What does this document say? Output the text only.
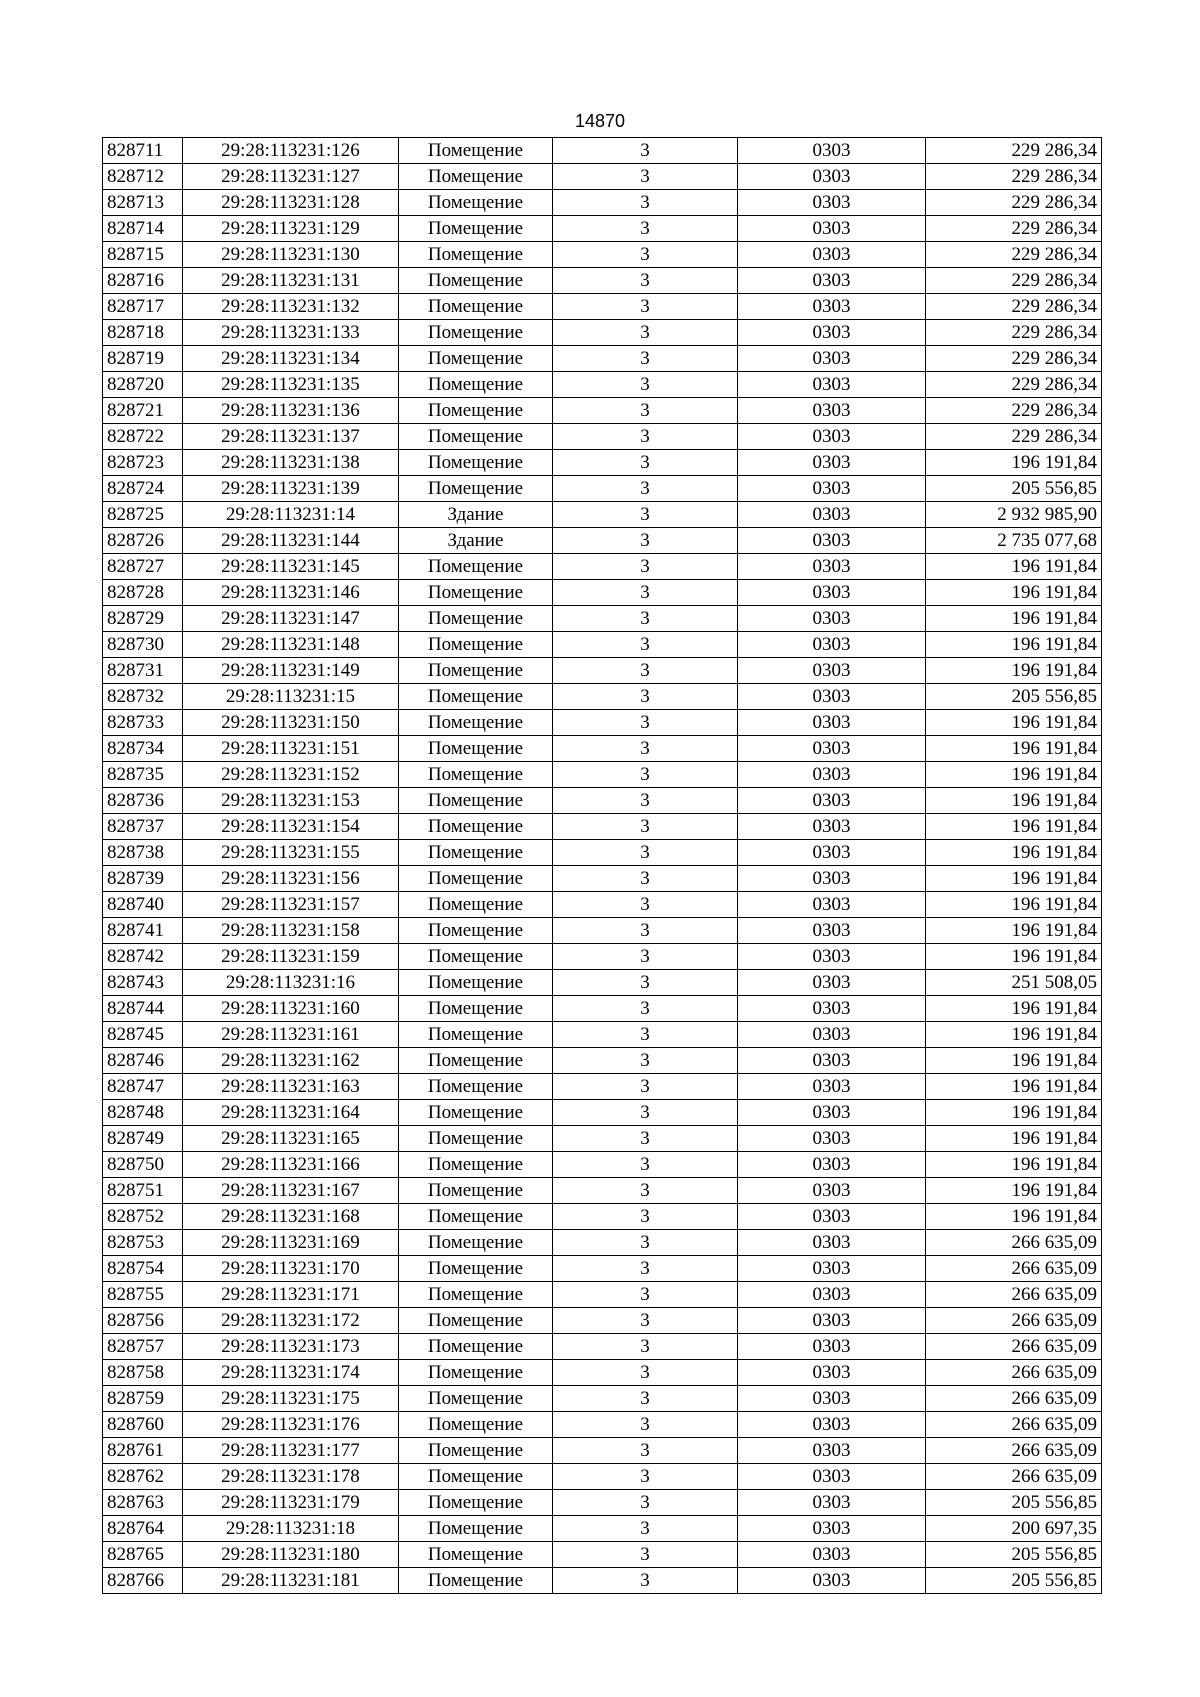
14870
828711	29:28:113231:126	Помещение	3	0303	229 286,34
828712	29:28:113231:127	Помещение	3	0303	229 286,34
828713	29:28:113231:128	Помещение	3	0303	229 286,34
828714	29:28:113231:129	Помещение	3	0303	229 286,34
828715	29:28:113231:130	Помещение	3	0303	229 286,34
828716	29:28:113231:131	Помещение	3	0303	229 286,34
828717	29:28:113231:132	Помещение	3	0303	229 286,34
828718	29:28:113231:133	Помещение	3	0303	229 286,34
828719	29:28:113231:134	Помещение	3	0303	229 286,34
828720	29:28:113231:135	Помещение	3	0303	229 286,34
828721	29:28:113231:136	Помещение	3	0303	229 286,34
828722	29:28:113231:137	Помещение	3	0303	229 286,34
828723	29:28:113231:138	Помещение	3	0303	196 191,84
828724	29:28:113231:139	Помещение	3	0303	205 556,85
828725	29:28:113231:14	Здание	3	0303	2 932 985,90
828726	29:28:113231:144	Здание	3	0303	2 735 077,68
828727	29:28:113231:145	Помещение	3	0303	196 191,84
828728	29:28:113231:146	Помещение	3	0303	196 191,84
828729	29:28:113231:147	Помещение	3	0303	196 191,84
828730	29:28:113231:148	Помещение	3	0303	196 191,84
828731	29:28:113231:149	Помещение	3	0303	196 191,84
828732	29:28:113231:15	Помещение	3	0303	205 556,85
828733	29:28:113231:150	Помещение	3	0303	196 191,84
828734	29:28:113231:151	Помещение	3	0303	196 191,84
828735	29:28:113231:152	Помещение	3	0303	196 191,84
828736	29:28:113231:153	Помещение	3	0303	196 191,84
828737	29:28:113231:154	Помещение	3	0303	196 191,84
828738	29:28:113231:155	Помещение	3	0303	196 191,84
828739	29:28:113231:156	Помещение	3	0303	196 191,84
828740	29:28:113231:157	Помещение	3	0303	196 191,84
828741	29:28:113231:158	Помещение	3	0303	196 191,84
828742	29:28:113231:159	Помещение	3	0303	196 191,84
828743	29:28:113231:16	Помещение	3	0303	251 508,05
828744	29:28:113231:160	Помещение	3	0303	196 191,84
828745	29:28:113231:161	Помещение	3	0303	196 191,84
828746	29:28:113231:162	Помещение	3	0303	196 191,84
828747	29:28:113231:163	Помещение	3	0303	196 191,84
828748	29:28:113231:164	Помещение	3	0303	196 191,84
828749	29:28:113231:165	Помещение	3	0303	196 191,84
828750	29:28:113231:166	Помещение	3	0303	196 191,84
828751	29:28:113231:167	Помещение	3	0303	196 191,84
828752	29:28:113231:168	Помещение	3	0303	196 191,84
828753	29:28:113231:169	Помещение	3	0303	266 635,09
828754	29:28:113231:170	Помещение	3	0303	266 635,09
828755	29:28:113231:171	Помещение	3	0303	266 635,09
828756	29:28:113231:172	Помещение	3	0303	266 635,09
828757	29:28:113231:173	Помещение	3	0303	266 635,09
828758	29:28:113231:174	Помещение	3	0303	266 635,09
828759	29:28:113231:175	Помещение	3	0303	266 635,09
828760	29:28:113231:176	Помещение	3	0303	266 635,09
828761	29:28:113231:177	Помещение	3	0303	266 635,09
828762	29:28:113231:178	Помещение	3	0303	266 635,09
828763	29:28:113231:179	Помещение	3	0303	205 556,85
828764	29:28:113231:18	Помещение	3	0303	200 697,35
828765	29:28:113231:180	Помещение	3	0303	205 556,85
828766	29:28:113231:181	Помещение	3	0303	205 556,85
